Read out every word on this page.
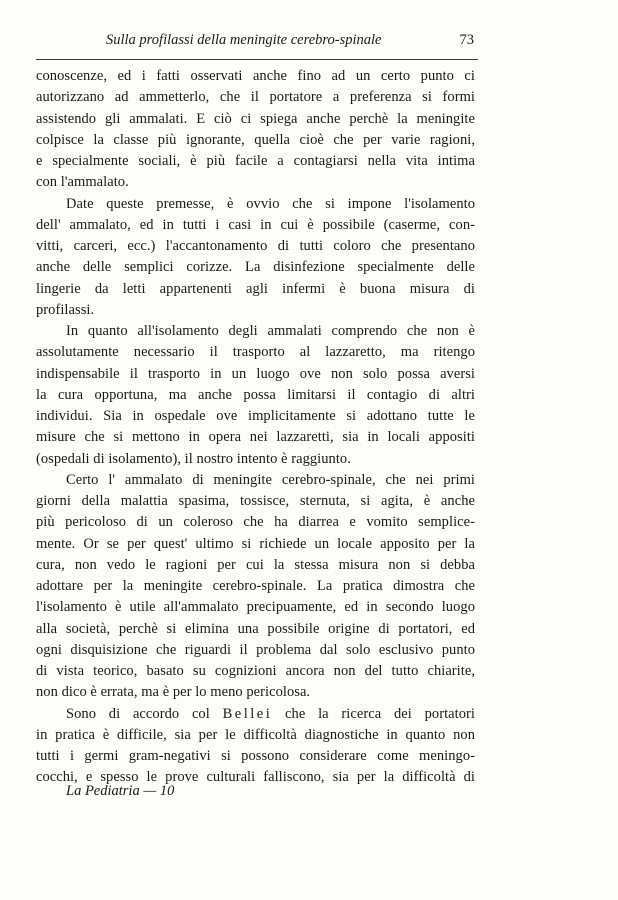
Sulla profilassi della meningite cerebro-spinale	73
conoscenze, ed i fatti osservati anche fino ad un certo punto ci
autorizzano ad ammetterlo, che il portatore a preferenza si formi
assistendo gli ammalati. E ciò ci spiega anche perchè la meningite
colpisce la classe più ignorante, quella cioè che per varie ragioni,
e specialmente sociali, è più facile a contagiarsi nella vita intima
con l'ammalato.
Date queste premesse, è ovvio che si impone l'isolamento
dell' ammalato, ed in tutti i casi in cui è possibile (caserme, con-
vitti, carceri, ecc.) l'accantonamento di tutti coloro che presentano
anche delle semplici corizze. La disinfezione specialmente delle
lingerie da letti appartenenti agli infermi è buona misura di
profilassi.
In quanto all'isolamento degli ammalati comprendo che non è
assolutamente necessario il trasporto al lazzaretto, ma ritengo
indispensabile il trasporto in un luogo ove non solo possa aversi
la cura opportuna, ma anche possa limitarsi il contagio di altri
individui. Sia in ospedale ove implicitamente si adottano tutte le
misure che si mettono in opera nei lazzaretti, sia in locali appositi
(ospedali di isolamento), il nostro intento è raggiunto.
Certo l' ammalato di meningite cerebro-spinale, che nei primi
giorni della malattia spasima, tossisce, sternuta, si agita, è anche
più pericoloso di un coleroso che ha diarrea e vomito semplice-
mente. Or se per quest' ultimo si richiede un locale apposito per la
cura, non vedo le ragioni per cui la stessa misura non si debba
adottare per la meningite cerebro-spinale. La pratica dimostra che
l'isolamento è utile all'ammalato precipuamente, ed in secondo luogo
alla società, perchè si elimina una possibile origine di portatori, ed
ogni disquisizione che riguardi il problema dal solo esclusivo punto
di vista teorico, basato su cognizioni ancora non del tutto chiarite,
non dico è errata, ma è per lo meno pericolosa.
Sono di accordo col Bellei che la ricerca dei portatori
in pratica è difficile, sia per le difficoltà diagnostiche in quanto non
tutti i germi gram-negativi si possono considerare come meningo-
cocchi, e spesso le prove culturali falliscono, sia per la difficoltà di
La Pediatria — 10
